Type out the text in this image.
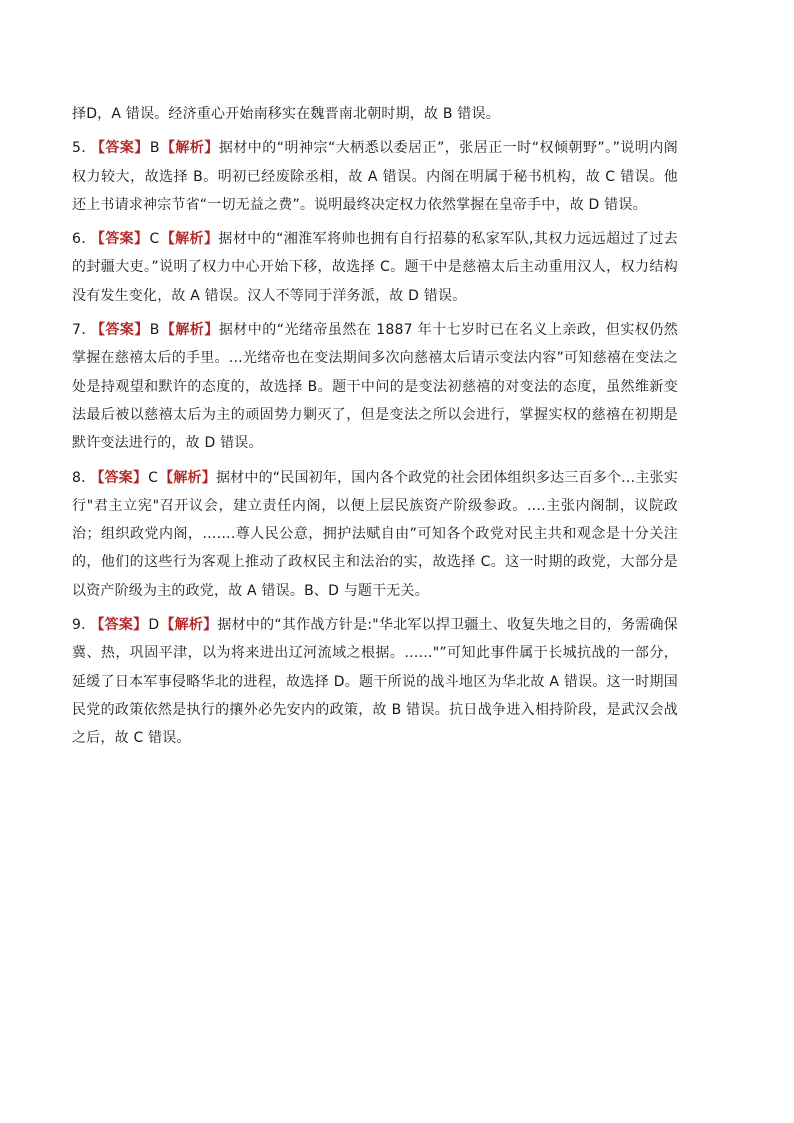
择D，A 错误。经济重心开始南移实在魏晋南北朝时期，故 B 错误。

5． 【答案】B【解析】据材中的“明神宗“大柄悉以委居正”，张居正一时“权倾朝野”。”说明内阁权力较大，故选择 B。明初已经废除丞相，故 A 错误。内阁在明属于秘书机构，故 C 错误。他还上书请求神宗节省“一切无益之费”。说明最终决定权力依然掌握在皇帝手中，故 D 错误。

6． 【答案】C【解析】据材中的“湘淮军将帅也拥有自行招募的私家军队,其权力远远超过了过去的封疆大吏。”说明了权力中心开始下移，故选择 C。题干中是慈禧太后主动重用汉人，权力结构没有发生变化，故 A 错误。汉人不等同于洋务派，故 D 错误。

7． 【答案】B【解析】据材中的“光绪帝虽然在 1887 年十七岁时已在名义上亲政，但实权仍然掌握在慈禧太后的手里。…光绪帝也在变法期间多次向慈禧太后请示变法内容”可知慈禧在变法之处是持观望和默许的态度的，故选择 B。题干中问的是变法初慈禧的对变法的态度，虽然维新变法最后被以慈禧太后为主的顽固势力剿灭了，但是变法之所以会进行，掌握实权的慈禧在初期是默许变法进行的，故 D 错误。

8． 【答案】C【解析】据材中的“民国初年，国内各个政党的社会团体组织多达三百多个…主张实行"君主立宪"召开议会，建立责任内阁，以便上层民族资产阶级参政。….主张内阁制，议院政治；组织政党内阁，…….尊人民公意，拥护法赋自由”可知各个政党对民主共和观念是十分关注的，他们的这些行为客观上推动了政权民主和法治的实，故选择 C。这一时期的政党，大部分是以资产阶级为主的政党，故 A 错误。B、D 与题干无关。

9． 【答案】D【解析】据材中的“其作战方针是:"华北军以捍卫疆土、收复失地之目的，务需确保冀、热，巩固平津，以为将来进出辽河流域之根据。……"”可知此事件属于长城抗战的一部分，延缓了日本军事侵略华北的进程，故选择 D。题干所说的战斗地区为华北故 A 错误。这一时期国民党的政策依然是执行的攘外必先安内的政策，故 B 错误。抗日战争进入相持阶段，是武汉会战之后，故 C 错误。
